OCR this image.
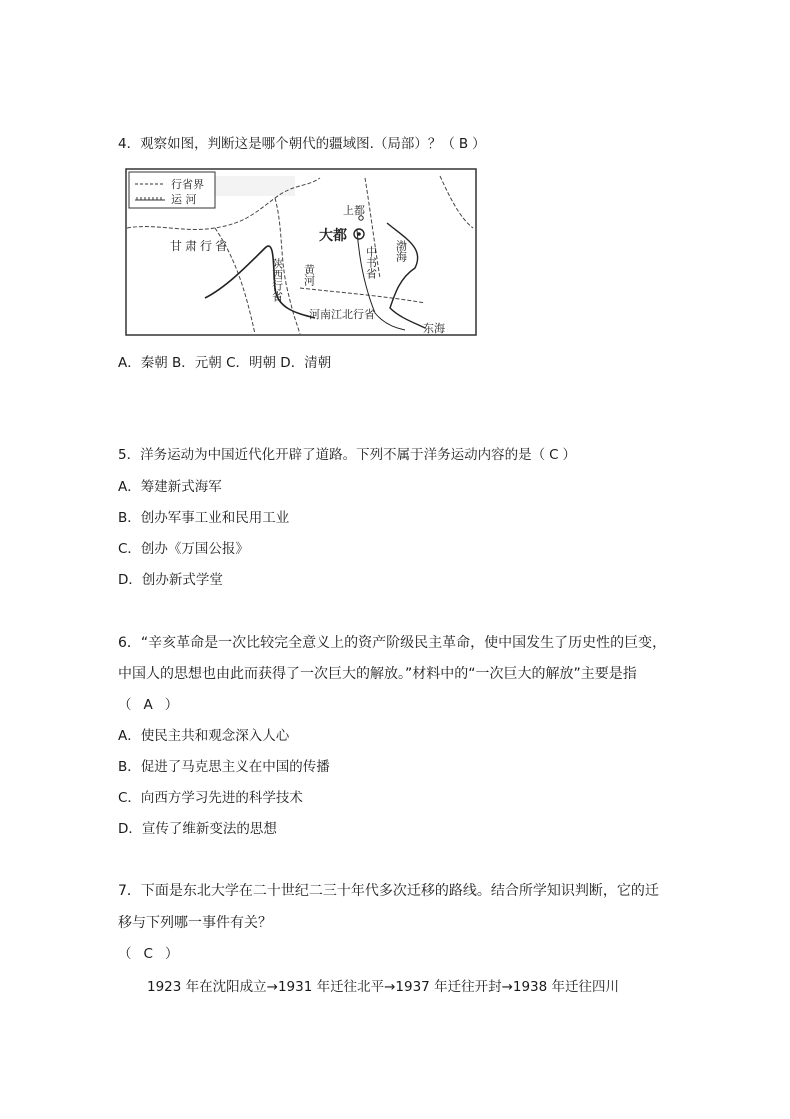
4．观察如图，判断这是哪个朝代的疆域图.（局部）？（ B ）
行省界
运 河
上都
大都
甘肃行省
陕西行省 黄河	中书省 渤海
河南江北行省
东海
A．秦朝 B．元朝 C．明朝 D．清朝
5．洋务运动为中国近代化开辟了道路。下列不属于洋务运动内容的是（ C ）
A．筹建新式海军
B．创办军事工业和民用工业
C．创办《万国公报》
D．创办新式学堂
6．“辛亥革命是一次比较完全意义上的资产阶级民主革命，使中国发生了历史性的巨变，
中国人的思想也由此而获得了一次巨大的解放。”材料中的“一次巨大的解放”主要是指
（ A ）
A．使民主共和观念深入人心
B．促进了马克思主义在中国的传播
C．向西方学习先进的科学技术
D．宣传了维新变法的思想
7．下面是东北大学在二十世纪二三十年代多次迁移的路线。结合所学知识判断，它的迁
移与下列哪一事件有关？
（ C ）
1923 年在沈阳成立→1931 年迁往北平→1937 年迁往开封→1938 年迁往四川
